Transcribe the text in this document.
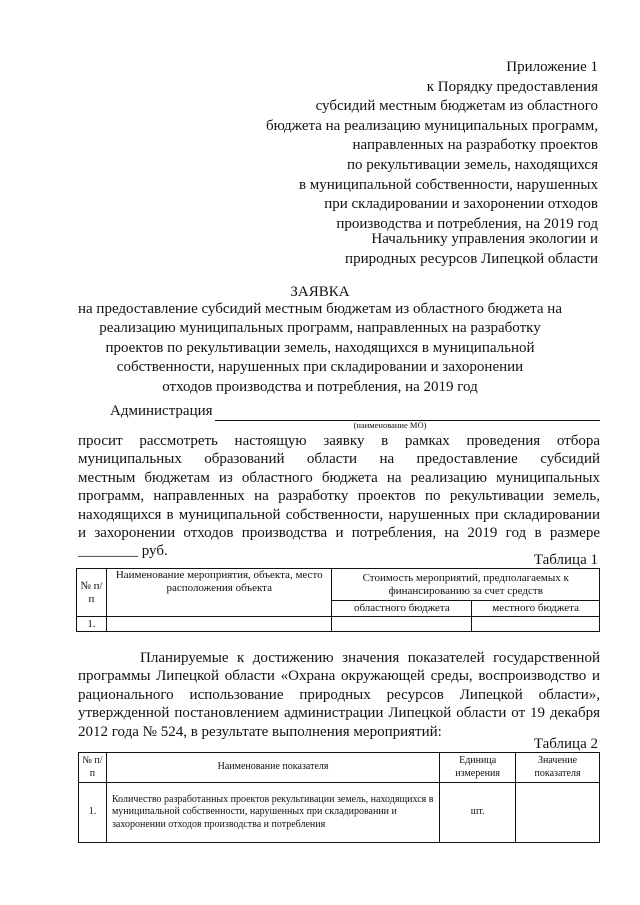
Приложение 1
к Порядку предоставления
субсидий местным бюджетам из областного
бюджета на реализацию муниципальных программ,
направленных на разработку проектов
по рекультивации земель, находящихся
в муниципальной собственности, нарушенных
при складировании и захоронении отходов
производства и потребления, на 2019 год
Начальнику управления экологии и
природных ресурсов Липецкой области
ЗАЯВКА
на предоставление субсидий местным бюджетам из областного бюджета на
реализацию муниципальных программ, направленных на разработку
проектов по рекультивации земель, находящихся в муниципальной
собственности, нарушенных при складировании и захоронении
отходов производства и потребления, на 2019 год
Администрация
(наименование МО)
просит рассмотреть настоящую заявку в рамках проведения отбора
муниципальных образований области на предоставление субсидий
местным бюджетам из областного бюджета на реализацию муниципальных
программ, направленных на разработку проектов по рекультивации земель,
находящихся в муниципальной собственности, нарушенных при складировании
и захоронении отходов производства и потребления, на 2019 год в размере
________ руб.
Таблица 1
№ п/п	Наименование мероприятия, объекта, место расположения объекта	Стоимость мероприятий, предполагаемых к финансированию за счет средств	
		областного бюджета	местного бюджета
1.			
Планируемые к достижению значения показателей государственной
программы Липецкой области «Охрана окружающей среды, воспроизводство и
рационального использование природных ресурсов Липецкой области»,
утвержденной постановлением администрации Липецкой области от 19 декабря
2012 года № 524, в результате выполнения мероприятий:
Таблица 2
№ п/п	Наименование показателя	Единица измерения	Значение показателя
1.	Количество разработанных проектов рекультивации земель, находящихся в муниципальной собственности, нарушенных при складировании и захоронении отходов производства и потребления	шт.	
